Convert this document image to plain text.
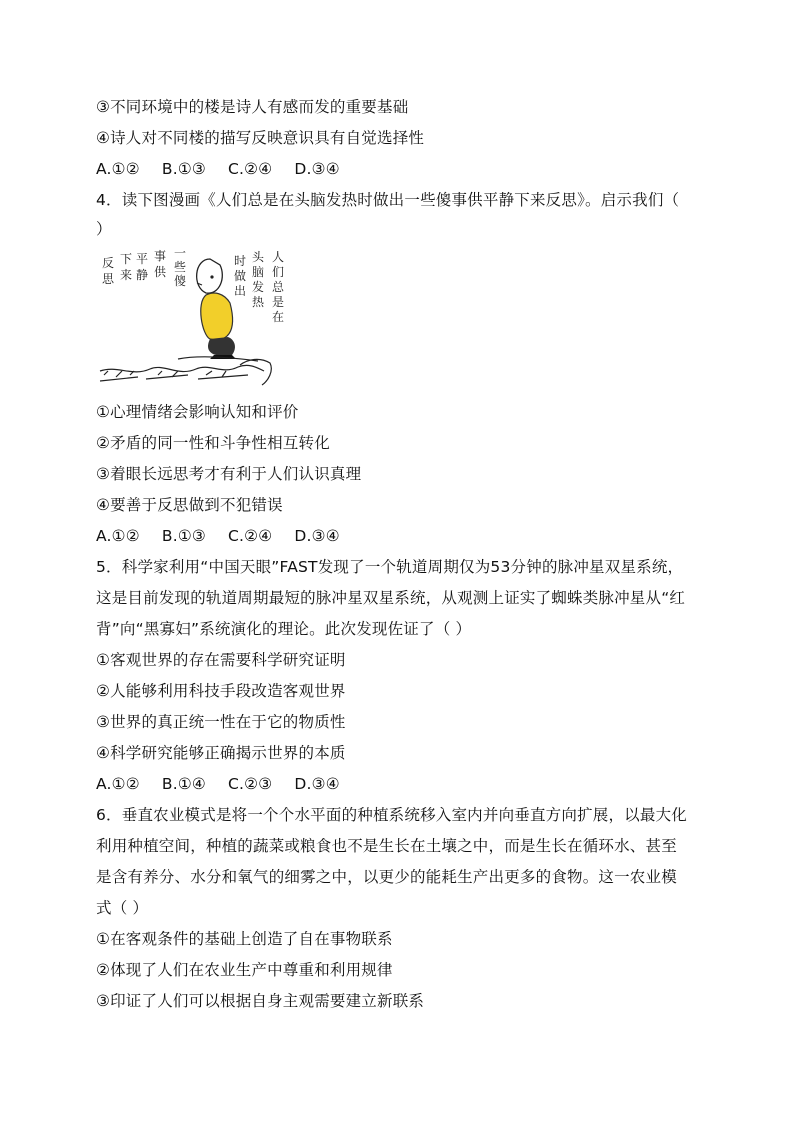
③不同环境中的楼是诗人有感而发的重要基础
④诗人对不同楼的描写反映意识具有自觉选择性
A.①② B.①③ C.②④ D.③④
4．读下图漫画《人们总是在头脑发热时做出一些傻事供平静下来反思》。启示我们（
）
反
思
下
来
平
静
事
供
一
些
傻
时
做
出
头
脑
发
热
人
们
总
是
在
①心理情绪会影响认知和评价
②矛盾的同一性和斗争性相互转化
③着眼长远思考才有利于人们认识真理
④要善于反思做到不犯错误
A.①② B.①③ C.②④ D.③④
5．科学家利用“中国天眼”FAST发现了一个轨道周期仅为53分钟的脉冲星双星系统，
这是目前发现的轨道周期最短的脉冲星双星系统，从观测上证实了蜘蛛类脉冲星从“红
背”向“黑寡妇”系统演化的理论。此次发现佐证了（ ）
①客观世界的存在需要科学研究证明
②人能够利用科技手段改造客观世界
③世界的真正统一性在于它的物质性
④科学研究能够正确揭示世界的本质
A.①② B.①④ C.②③ D.③④
6．垂直农业模式是将一个个水平面的种植系统移入室内并向垂直方向扩展，以最大化
利用种植空间，种植的蔬菜或粮食也不是生长在土壤之中，而是生长在循环水、甚至
是含有养分、水分和氧气的细雾之中，以更少的能耗生产出更多的食物。这一农业模
式（ ）
①在客观条件的基础上创造了自在事物联系
②体现了人们在农业生产中尊重和利用规律
③印证了人们可以根据自身主观需要建立新联系
